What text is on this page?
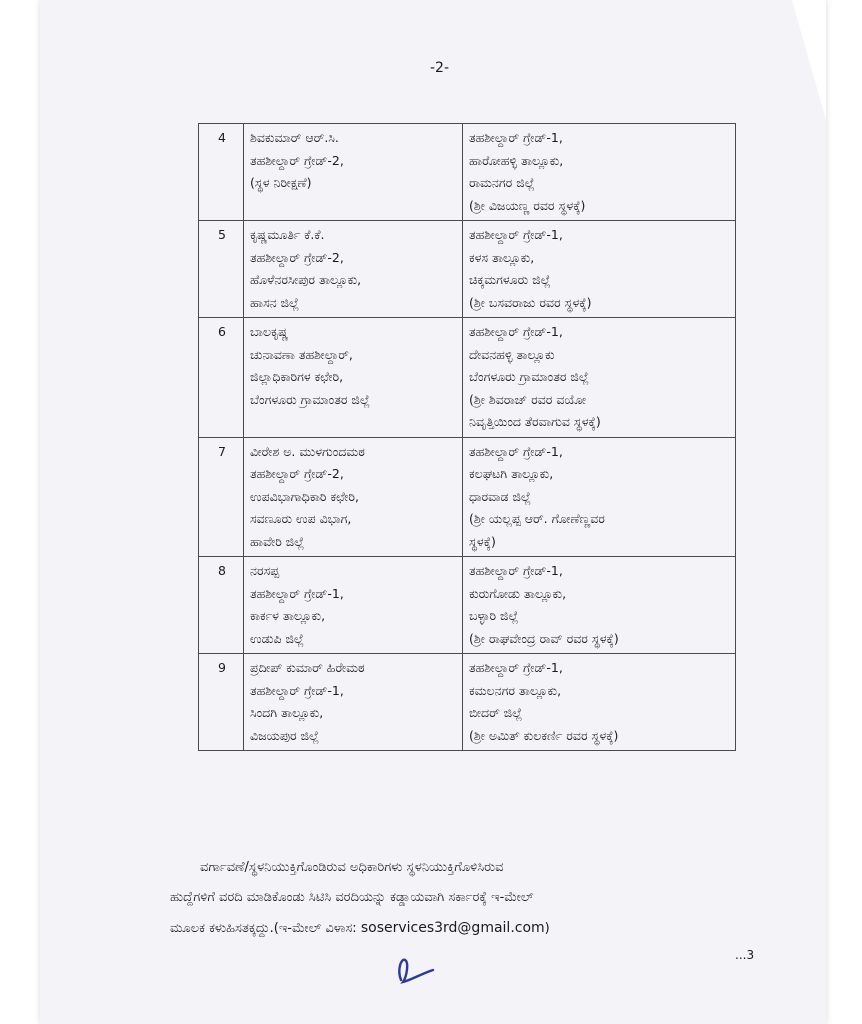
-2-
4	ಶಿವಕುಮಾರ್ ಆರ್.ಸಿ.
ತಹಶೀಲ್ದಾರ್ ಗ್ರೇಡ್-2,
(ಸ್ಥಳ ನಿರೀಕ್ಷಣೆ)	ತಹಶೀಲ್ದಾರ್ ಗ್ರೇಡ್-1,
ಹಾರೋಹಳ್ಳಿ ತಾಲ್ಲೂಕು,
ರಾಮನಗರ ಜಿಲ್ಲೆ
(ಶ್ರೀ ವಿಜಯಣ್ಣ ರವರ ಸ್ಥಳಕ್ಕೆ)

5	ಕೃಷ್ಣಮೂರ್ತಿ ಕೆ.ಕೆ.
ತಹಶೀಲ್ದಾರ್ ಗ್ರೇಡ್-2,
ಹೊಳೆನರಸೀಪುರ ತಾಲ್ಲೂಕು,
ಹಾಸನ ಜಿಲ್ಲೆ	ತಹಶೀಲ್ದಾರ್ ಗ್ರೇಡ್-1,
ಕಳಸ ತಾಲ್ಲೂಕು,
ಚಿಕ್ಕಮಗಳೂರು ಜಿಲ್ಲೆ
(ಶ್ರೀ ಬಸವರಾಜು ರವರ ಸ್ಥಳಕ್ಕೆ)

6	ಬಾಲಕೃಷ್ಣ
ಚುನಾವಣಾ ತಹಶೀಲ್ದಾರ್,
ಜಿಲ್ಲಾಧಿಕಾರಿಗಳ ಕಛೇರಿ,
ಬೆಂಗಳೂರು ಗ್ರಾಮಾಂತರ ಜಿಲ್ಲೆ	ತಹಶೀಲ್ದಾರ್ ಗ್ರೇಡ್-1,
ದೇವನಹಳ್ಳಿ ತಾಲ್ಲೂಕು
ಬೆಂಗಳೂರು ಗ್ರಾಮಾಂತರ ಜಿಲ್ಲೆ
(ಶ್ರೀ ಶಿವರಾಜ್ ರವರ ವಯೋ
ನಿವೃತ್ತಿಯಿಂದ ತೆರವಾಗುವ ಸ್ಥಳಕ್ಕೆ)

7	ವೀರೇಶ ಅ. ಮುಳಗುಂದಮಠ
ತಹಶೀಲ್ದಾರ್ ಗ್ರೇಡ್-2,
ಉಪವಿಭಾಗಾಧಿಕಾರಿ ಕಛೇರಿ,
ಸವಣೂರು ಉಪ ವಿಭಾಗ,
ಹಾವೇರಿ ಜಿಲ್ಲೆ	ತಹಶೀಲ್ದಾರ್ ಗ್ರೇಡ್-1,
ಕಲಘಟಗಿ ತಾಲ್ಲೂಕು,
ಧಾರವಾಡ ಜಿಲ್ಲೆ
(ಶ್ರೀ ಯಲ್ಲಪ್ಪ ಆರ್. ಗೋಣೆಣ್ಣವರ
ಸ್ಥಳಕ್ಕೆ)

8	ನರಸಪ್ಪ
ತಹಶೀಲ್ದಾರ್ ಗ್ರೇಡ್-1,
ಕಾರ್ಕಳ ತಾಲ್ಲೂಕು,
ಉಡುಪಿ ಜಿಲ್ಲೆ	ತಹಶೀಲ್ದಾರ್ ಗ್ರೇಡ್-1,
ಕುರುಗೋಡು ತಾಲ್ಲೂಕು,
ಬಳ್ಳಾರಿ ಜಿಲ್ಲೆ
(ಶ್ರೀ ರಾಘವೇಂದ್ರ ರಾವ್ ರವರ ಸ್ಥಳಕ್ಕೆ)

9	ಪ್ರದೀಪ್ ಕುಮಾರ್ ಹಿರೇಮಠ
ತಹಶೀಲ್ದಾರ್ ಗ್ರೇಡ್-1,
ಸಿಂದಗಿ ತಾಲ್ಲೂಕು,
ವಿಜಯಪುರ ಜಿಲ್ಲೆ	ತಹಶೀಲ್ದಾರ್ ಗ್ರೇಡ್-1,
ಕಮಲನಗರ ತಾಲ್ಲೂಕು,
ಬೀದರ್ ಜಿಲ್ಲೆ
(ಶ್ರೀ ಅಮಿತ್ ಕುಲಕರ್ಣಿ ರವರ ಸ್ಥಳಕ್ಕೆ)
ವರ್ಗಾವಣೆ/ಸ್ಥಳನಿಯುಕ್ತಿಗೊಂಡಿರುವ ಅಧಿಕಾರಿಗಳು ಸ್ಥಳನಿಯುಕ್ತಿಗೊಳಿಸಿರುವ
ಹುದ್ದೆಗಳಿಗೆ ವರದಿ ಮಾಡಿಕೊಂಡು ಸಿಟಿಸಿ ವರದಿಯನ್ನು ಕಡ್ಡಾಯವಾಗಿ ಸರ್ಕಾರಕ್ಕೆ ಇ-ಮೇಲ್
ಮೂಲಕ ಕಳುಹಿಸತಕ್ಕದ್ದು.(ಇ-ಮೇಲ್ ವಿಳಾಸ: soservices3rd@gmail.com)
...3
